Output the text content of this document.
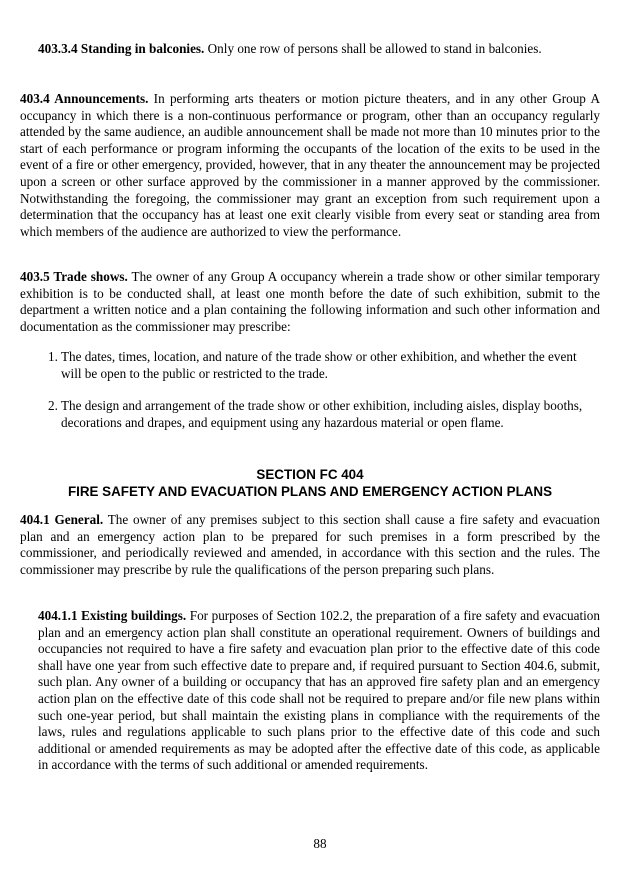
403.3.4 Standing in balconies. Only one row of persons shall be allowed to stand in balconies.

403.4 Announcements. In performing arts theaters or motion picture theaters, and in any other Group A occupancy in which there is a non-continuous performance or program, other than an occupancy regularly attended by the same audience, an audible announcement shall be made not more than 10 minutes prior to the start of each performance or program informing the occupants of the location of the exits to be used in the event of a fire or other emergency, provided, however, that in any theater the announcement may be projected upon a screen or other surface approved by the commissioner in a manner approved by the commissioner. Notwithstanding the foregoing, the commissioner may grant an exception from such requirement upon a determination that the occupancy has at least one exit clearly visible from every seat or standing area from which members of the audience are authorized to view the performance.

403.5 Trade shows. The owner of any Group A occupancy wherein a trade show or other similar temporary exhibition is to be conducted shall, at least one month before the date of such exhibition, submit to the department a written notice and a plan containing the following information and such other information and documentation as the commissioner may prescribe:

1. The dates, times, location, and nature of the trade show or other exhibition, and whether the event will be open to the public or restricted to the trade.

2. The design and arrangement of the trade show or other exhibition, including aisles, display booths, decorations and drapes, and equipment using any hazardous material or open flame.

SECTION FC 404

FIRE SAFETY AND EVACUATION PLANS AND EMERGENCY ACTION PLANS

404.1 General. The owner of any premises subject to this section shall cause a fire safety and evacuation plan and an emergency action plan to be prepared for such premises in a form prescribed by the commissioner, and periodically reviewed and amended, in accordance with this section and the rules. The commissioner may prescribe by rule the qualifications of the person preparing such plans.

404.1.1 Existing buildings. For purposes of Section 102.2, the preparation of a fire safety and evacuation plan and an emergency action plan shall constitute an operational requirement. Owners of buildings and occupancies not required to have a fire safety and evacuation plan prior to the effective date of this code shall have one year from such effective date to prepare and, if required pursuant to Section 404.6, submit, such plan. Any owner of a building or occupancy that has an approved fire safety plan and an emergency action plan on the effective date of this code shall not be required to prepare and/or file new plans within such one-year period, but shall maintain the existing plans in compliance with the requirements of the laws, rules and regulations applicable to such plans prior to the effective date of this code and such additional or amended requirements as may be adopted after the effective date of this code, as applicable in accordance with the terms of such additional or amended requirements.

88
